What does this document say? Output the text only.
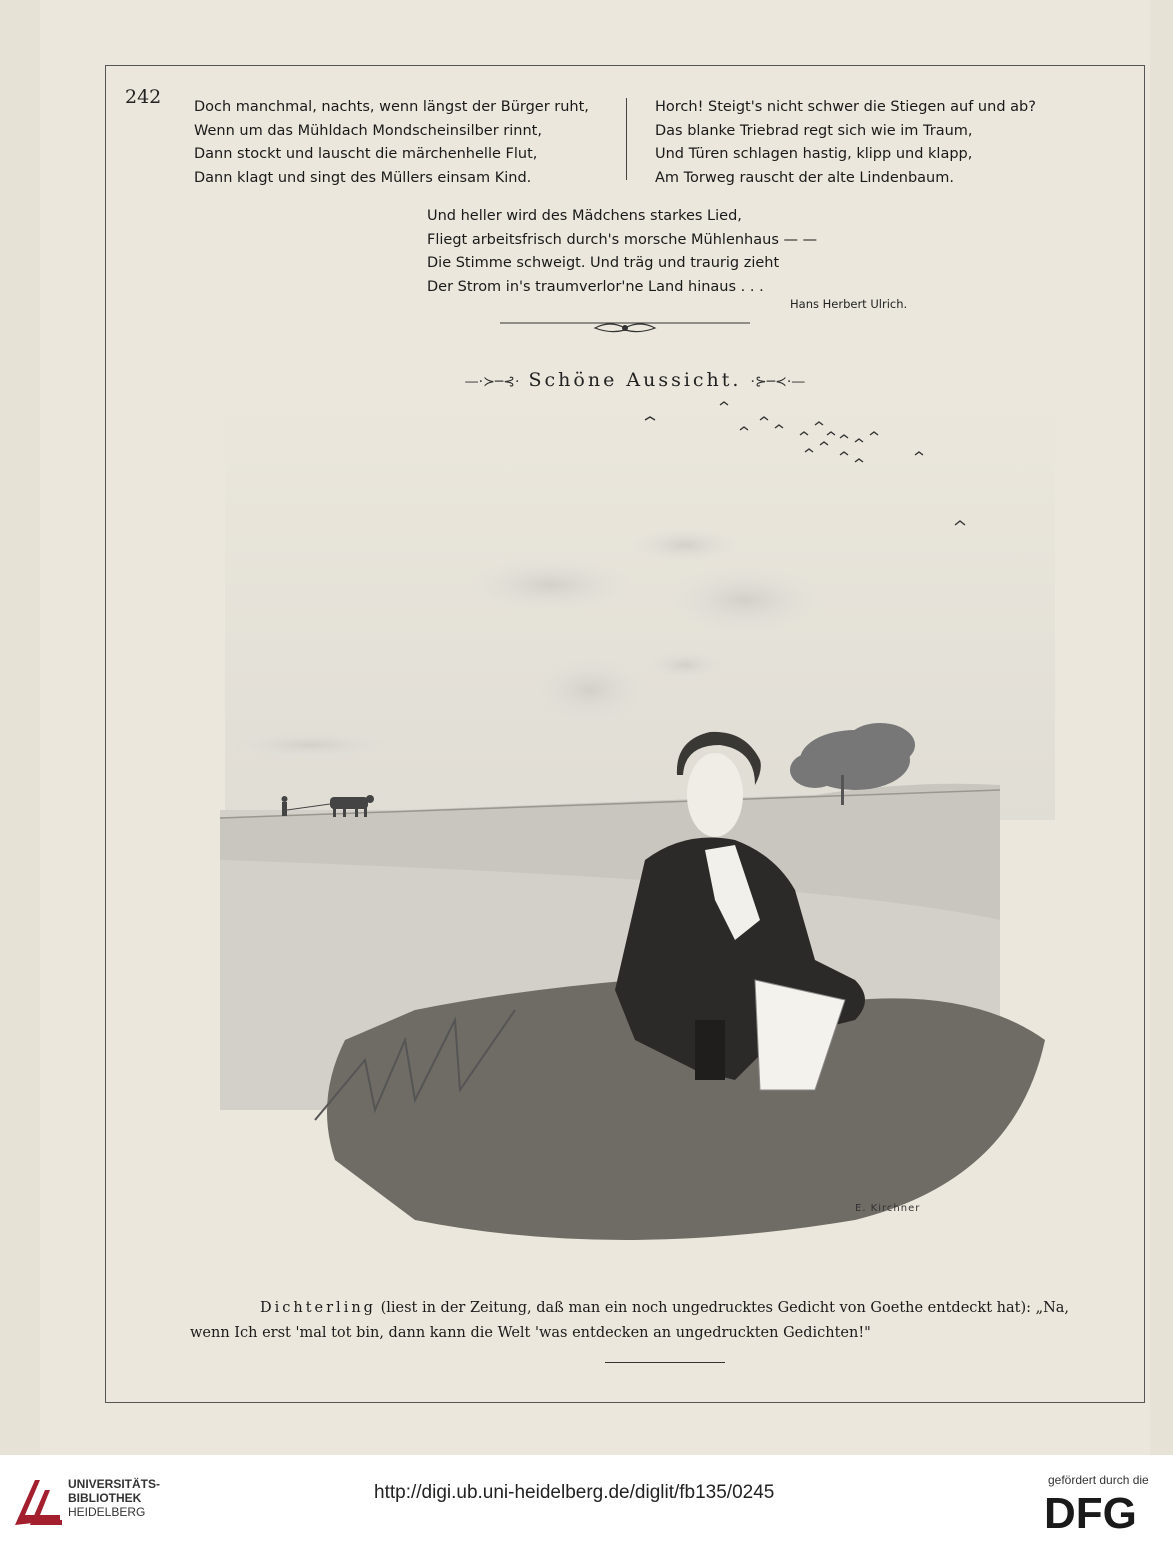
242 Doch manchmal, nachts, wenn längst der Bürger ruht,
Wenn um das Mühldach Mondscheinsilber rinnt,
Dann stockt und lauscht die märchenhelle Flut,
Dann klagt und singt des Müllers einsam Kind.
Horch! Steigt's nicht schwer die Stiegen auf und ab?
Das blanke Triebrad regt sich wie im Traum,
Und Türen schlagen hastig, klipp und klapp,
Am Torweg rauscht der alte Lindenbaum.
Und heller wird des Mädchens starkes Lied,
Fliegt arbeitsfrisch durch's morsche Mühlenhaus — —
Die Stimme schweigt. Und träg und traurig zieht
Der Strom in's traumverlor'ne Land hinaus . . .
Hans Herbert Ulrich.
—·≻─⊰· Schöne Aussicht. ·⊱─≺·—
E. Kirchner
Dichterling (liest in der Zeitung, daß man ein noch ungedrucktes Gedicht von Goethe entdeckt hat): „Na, wenn Ich erst 'mal tot bin, dann kann die Welt 'was entdecken an ungedruckten Gedichten!"
UNIVERSITÄTS-
BIBLIOTHEK
HEIDELBERG
http://digi.ub.uni-heidelberg.de/diglit/fb135/0245
gefördert durch die
DFG
